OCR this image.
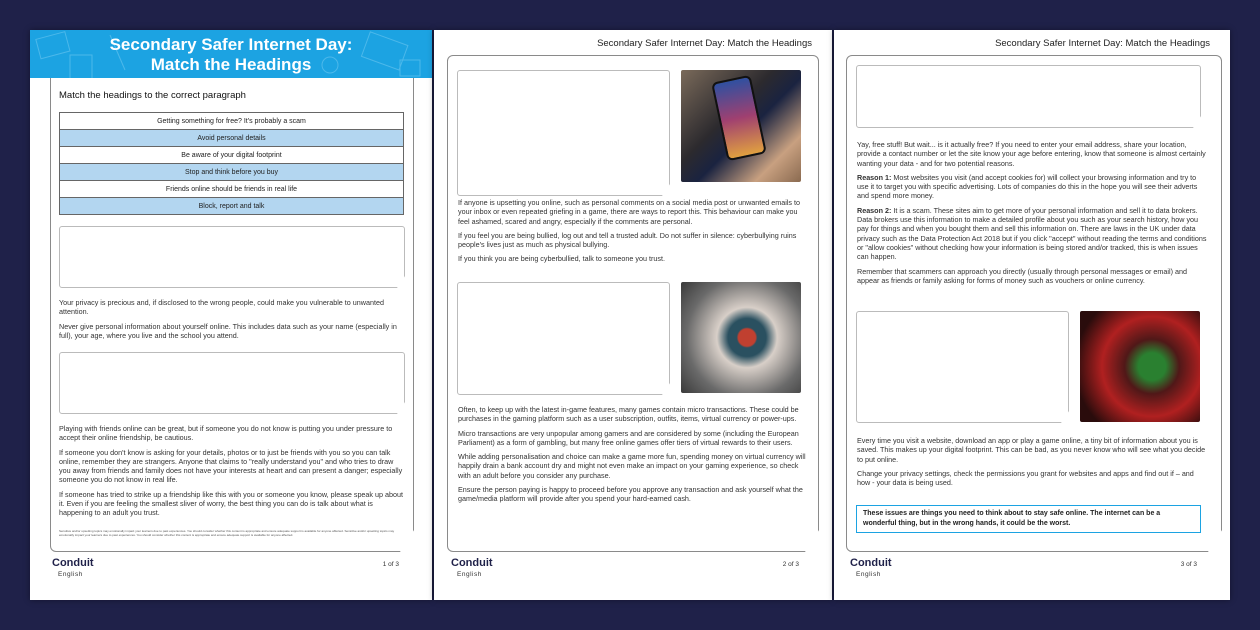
Secondary Safer Internet Day:
Match the Headings
Match the headings to the correct paragraph
Getting something for free? It's probably a scam
Avoid personal details
Be aware of your digital footprint
Stop and think before you buy
Friends online should be friends in real life
Block, report and talk

Your privacy is precious and, if disclosed to the wrong people, could make you vulnerable to unwanted attention.

Never give personal information about yourself online. This includes data such as your name (especially in full), your age, where you live and the school you attend.

Playing with friends online can be great, but if someone you do not know is putting you under pressure to accept their online friendship, be cautious.

If someone you don't know is asking for your details, photos or to just be friends with you so you can talk online, remember they are strangers. Anyone that claims to "really understand you" and who tries to draw you away from friends and family does not have your interests at heart and can present a danger; especially someone you do not know in real life.

If someone has tried to strike up a friendship like this with you or someone you know, please speak up about it. Even if you are feeling the smallest sliver of worry, the best thing you can do is talk about what is happening to an adult you trust.

Sensitive and/or upsetting topics may emotionally impact your learners due to past experiences. You should consider whether this content is appropriate and ensure adequate support is available for anyone affected. Sensitive and/or upsetting topics may emotionally impact your learners due to past experiences. You should consider whether this content is appropriate and ensure adequate support is available for anyone affected.
Conduit
English
1 of 3
Secondary Safer Internet Day: Match the Headings

If anyone is upsetting you online, such as personal comments on a social media post or unwanted emails to your inbox or even repeated griefing in a game, there are ways to report this. This behaviour can make you feel ashamed, scared and angry, especially if the comments are personal.

If you feel you are being bullied, log out and tell a trusted adult. Do not suffer in silence: cyberbullying ruins people's lives just as much as physical bullying.

If you think you are being cyberbullied, talk to someone you trust.

Often, to keep up with the latest in-game features, many games contain micro transactions. These could be purchases in the gaming platform such as a user subscription, outfits, items, virtual currency or power-ups.

Micro transactions are very unpopular among gamers and are considered by some (including the European Parliament) as a form of gambling, but many free online games offer tiers of virtual rewards to their users.

While adding personalisation and choice can make a game more fun, spending money on virtual currency will happily drain a bank account dry and might not even make an impact on your gaming experience, so check with an adult before you consider any purchase.

Ensure the person paying is happy to proceed before you approve any transaction and ask yourself what the game/media platform will provide after you spend your hard-earned cash.

Conduit
English
2 of 3
Secondary Safer Internet Day: Match the Headings

Yay, free stuff! But wait... is it actually free? If you need to enter your email address, share your location, provide a contact number or let the site know your age before entering, know that someone is almost certainly wanting your data - and for two potential reasons.

Reason 1: Most websites you visit (and accept cookies for) will collect your browsing information and try to use it to target you with specific advertising. Lots of companies do this in the hope you will see their adverts and spend more money.

Reason 2: It is a scam. These sites aim to get more of your personal information and sell it to data brokers. Data brokers use this information to make a detailed profile about you such as your search history, how you pay for things and when you bought them and sell this information on. There are laws in the UK under data privacy such as the Data Protection Act 2018 but if you click "accept" without reading the terms and conditions or "allow cookies" without checking how your information is being stored and/or tracked, this is when issues can happen.

Remember that scammers can approach you directly (usually through personal messages or email) and appear as friends or family asking for forms of money such as vouchers or online currency.

Every time you visit a website, download an app or play a game online, a tiny bit of information about you is saved. This makes up your digital footprint. This can be bad, as you never know who will see what you decide to put online.

Change your privacy settings, check the permissions you grant for websites and apps and find out if – and how - your data is being used.

These issues are things you need to think about to stay safe online. The internet can be a wonderful thing, but in the wrong hands, it could be the worst.
Conduit
English
3 of 3
